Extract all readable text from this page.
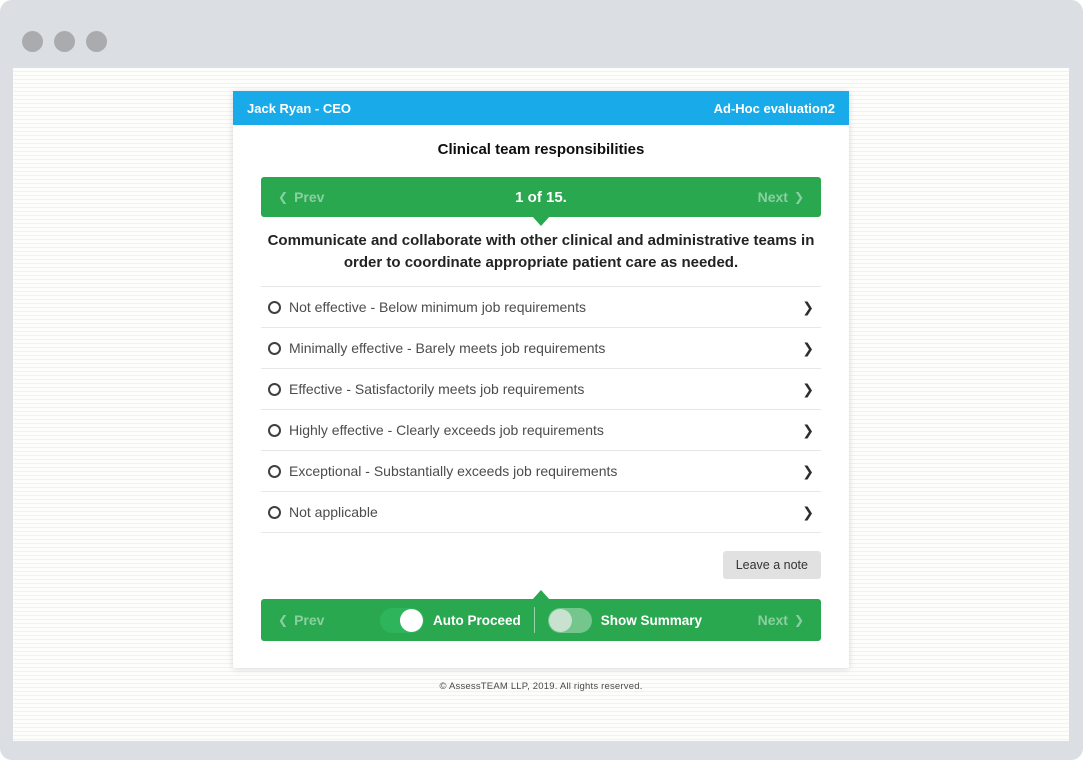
Jack Ryan - CEO	Ad-Hoc evaluation2
Clinical team responsibilities
❮ Prev	1 of 15.	Next ❯
Communicate and collaborate with other clinical and administrative teams in order to coordinate appropriate patient care as needed.
Not effective - Below minimum job requirements	❯
Minimally effective - Barely meets job requirements	❯
Effective - Satisfactorily meets job requirements	❯
Highly effective - Clearly exceeds job requirements	❯
Exceptional - Substantially exceeds job requirements	❯
Not applicable	❯
Leave a note
❮ Prev	Auto Proceed	Show Summary	Next ❯
© AssessTEAM LLP, 2019. All rights reserved.
